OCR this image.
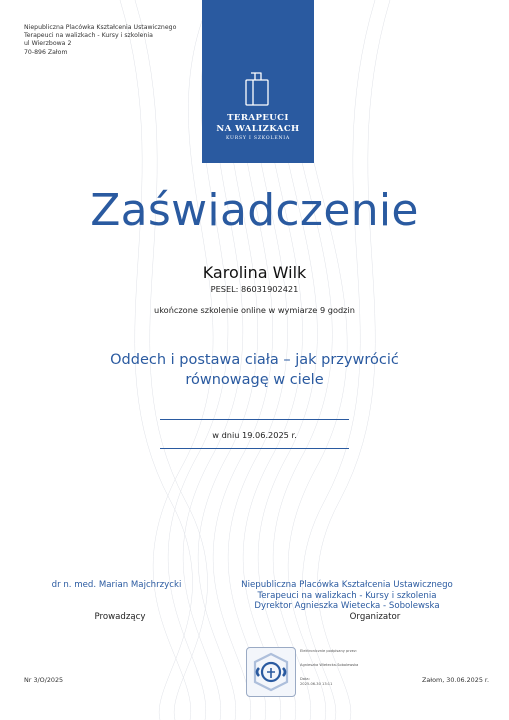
Niepubliczna Placówka Kształcenia Ustawicznego
Terapeuci na walizkach - Kursy i szkolenia
ul Wierzbowa 2
70-896 Załom
TERAPEUCI
NA WALIZKACH
KURSY I SZKOLENIA
Zaświadczenie
Karolina Wilk
PESEL: 86031902421
ukończone szkolenie online w wymiarze 9 godzin
Oddech i postawa ciała – jak przywrócić
równowagę w ciele
w dniu 19.06.2025 r.
dr n. med. Marian Majchrzycki
Prowadzący
Niepubliczna Placówka Kształcenia Ustawicznego
Terapeuci na walizkach - Kursy i szkolenia
Dyrektor Agnieszka Wietecka - Sobolewska
Organizator
Elektronicznie podpisany przez:
Agnieszka Wietecka-Sobolewska
Data:
2025-06-30 13:11
Nr 3/O/2025	Załom, 30.06.2025 r.
